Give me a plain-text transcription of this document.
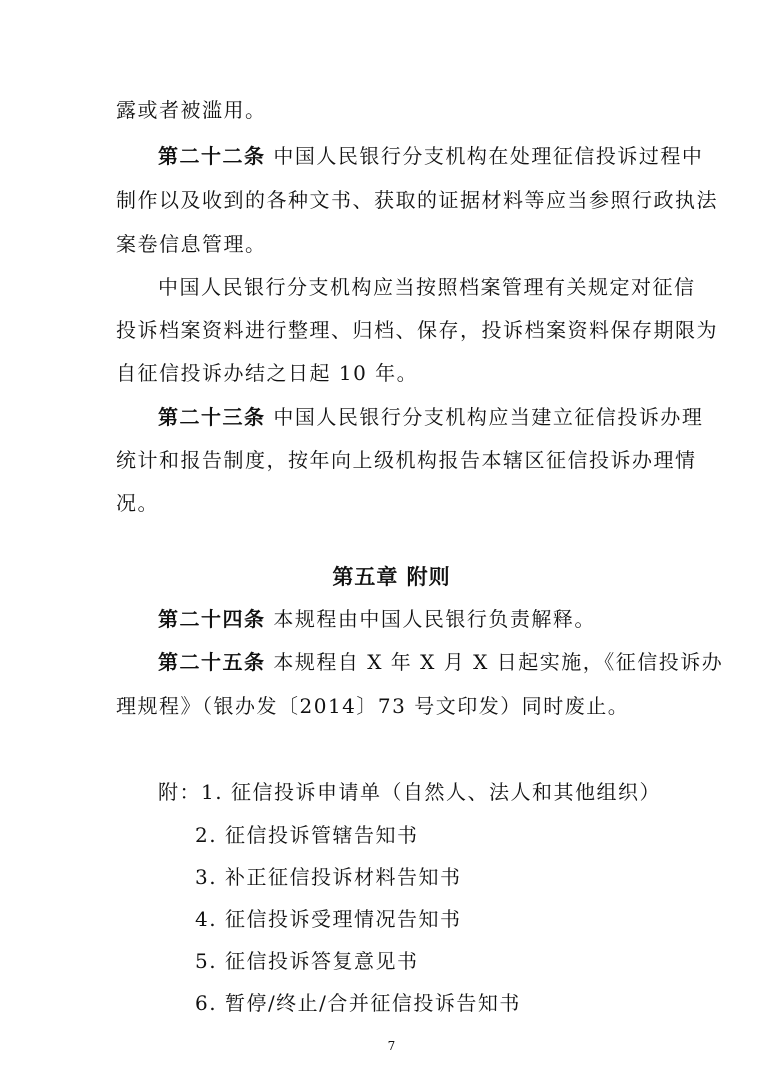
露或者被滥用。
第二十二条 中国人民银行分支机构在处理征信投诉过程中
制作以及收到的各种文书、获取的证据材料等应当参照行政执法
案卷信息管理。
中国人民银行分支机构应当按照档案管理有关规定对征信
投诉档案资料进行整理、归档、保存，投诉档案资料保存期限为
自征信投诉办结之日起 10 年。
第二十三条 中国人民银行分支机构应当建立征信投诉办理
统计和报告制度，按年向上级机构报告本辖区征信投诉办理情
况。
第五章 附则
第二十四条 本规程由中国人民银行负责解释。
第二十五条 本规程自 X 年 X 月 X 日起实施，《征信投诉办
理规程》（银办发〔2014〕73 号文印发）同时废止。
附：1. 征信投诉申请单（自然人、法人和其他组织）
2. 征信投诉管辖告知书
3. 补正征信投诉材料告知书
4. 征信投诉受理情况告知书
5. 征信投诉答复意见书
6. 暂停/终止/合并征信投诉告知书
7
